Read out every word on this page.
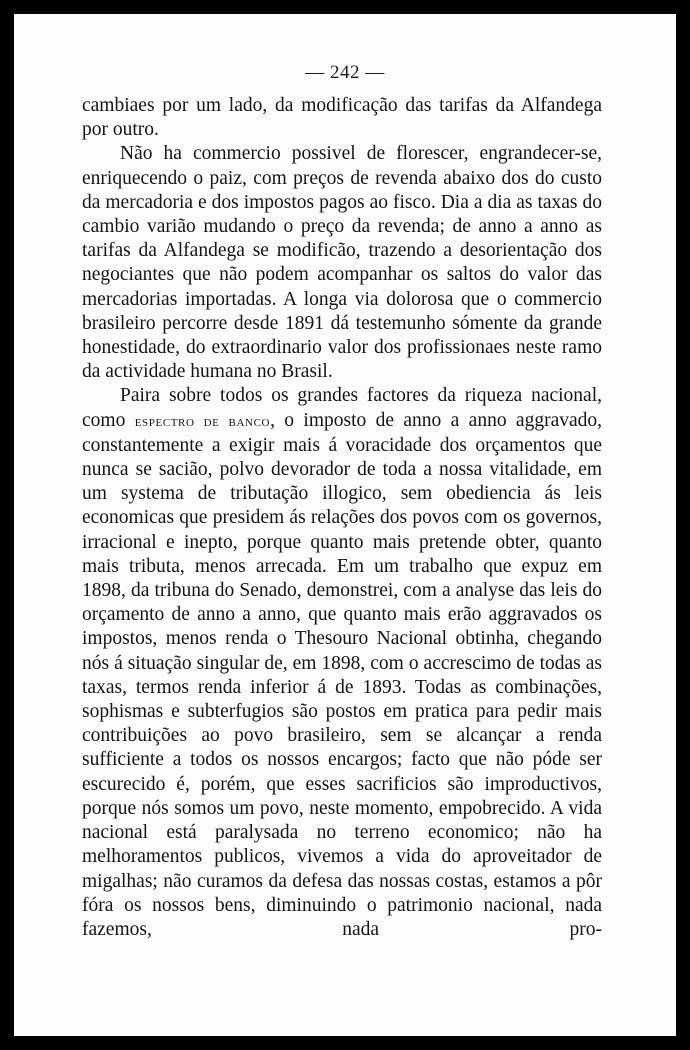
— 242 —

cambiaes por um lado, da modificação das tarifas da Alfandega por outro.

Não ha commercio possivel de florescer, engrandecer-se, enriquecendo o paiz, com preços de revenda abaixo dos do custo da mercadoria e dos impostos pagos ao fisco. Dia a dia as taxas do cambio varião mudando o preço da revenda; de anno a anno as tarifas da Alfandega se modificão, trazendo a desorientação dos negociantes que não podem acompanhar os saltos do valor das mercadorias importadas. A longa via dolorosa que o commercio brasileiro percorre desde 1891 dá testemunho sómente da grande honestidade, do extraordinario valor dos profissionaes neste ramo da actividade humana no Brasil.

Paira sobre todos os grandes factores da riqueza nacional, como espectro de banco, o imposto de anno a anno aggravado, constantemente a exigir mais á voracidade dos orçamentos que nunca se sacião, polvo devorador de toda a nossa vitalidade, em um systema de tributação illogico, sem obediencia ás leis economicas que presidem ás relações dos povos com os governos, irracional e inepto, porque quanto mais pretende obter, quanto mais tributa, menos arrecada. Em um trabalho que expuz em 1898, da tribuna do Senado, demonstrei, com a analyse das leis do orçamento de anno a anno, que quanto mais erão aggravados os impostos, menos renda o Thesouro Nacional obtinha, chegando nós á situação singular de, em 1898, com o accrescimo de todas as taxas, termos renda inferior á de 1893. Todas as combinações, sophismas e subterfugios são postos em pratica para pedir mais contribuições ao povo brasileiro, sem se alcançar a renda sufficiente a todos os nossos encargos; facto que não póde ser escurecido é, porém, que esses sacrificios são improductivos, porque nós somos um povo, neste momento, empobrecido. A vida nacional está paralysada no terreno economico; não ha melhoramentos publicos, vivemos a vida do aproveitador de migalhas; não curamos da defesa das nossas costas, estamos a pôr fóra os nossos bens, diminuindo o patrimonio nacional, nada fazemos, nada pro-
